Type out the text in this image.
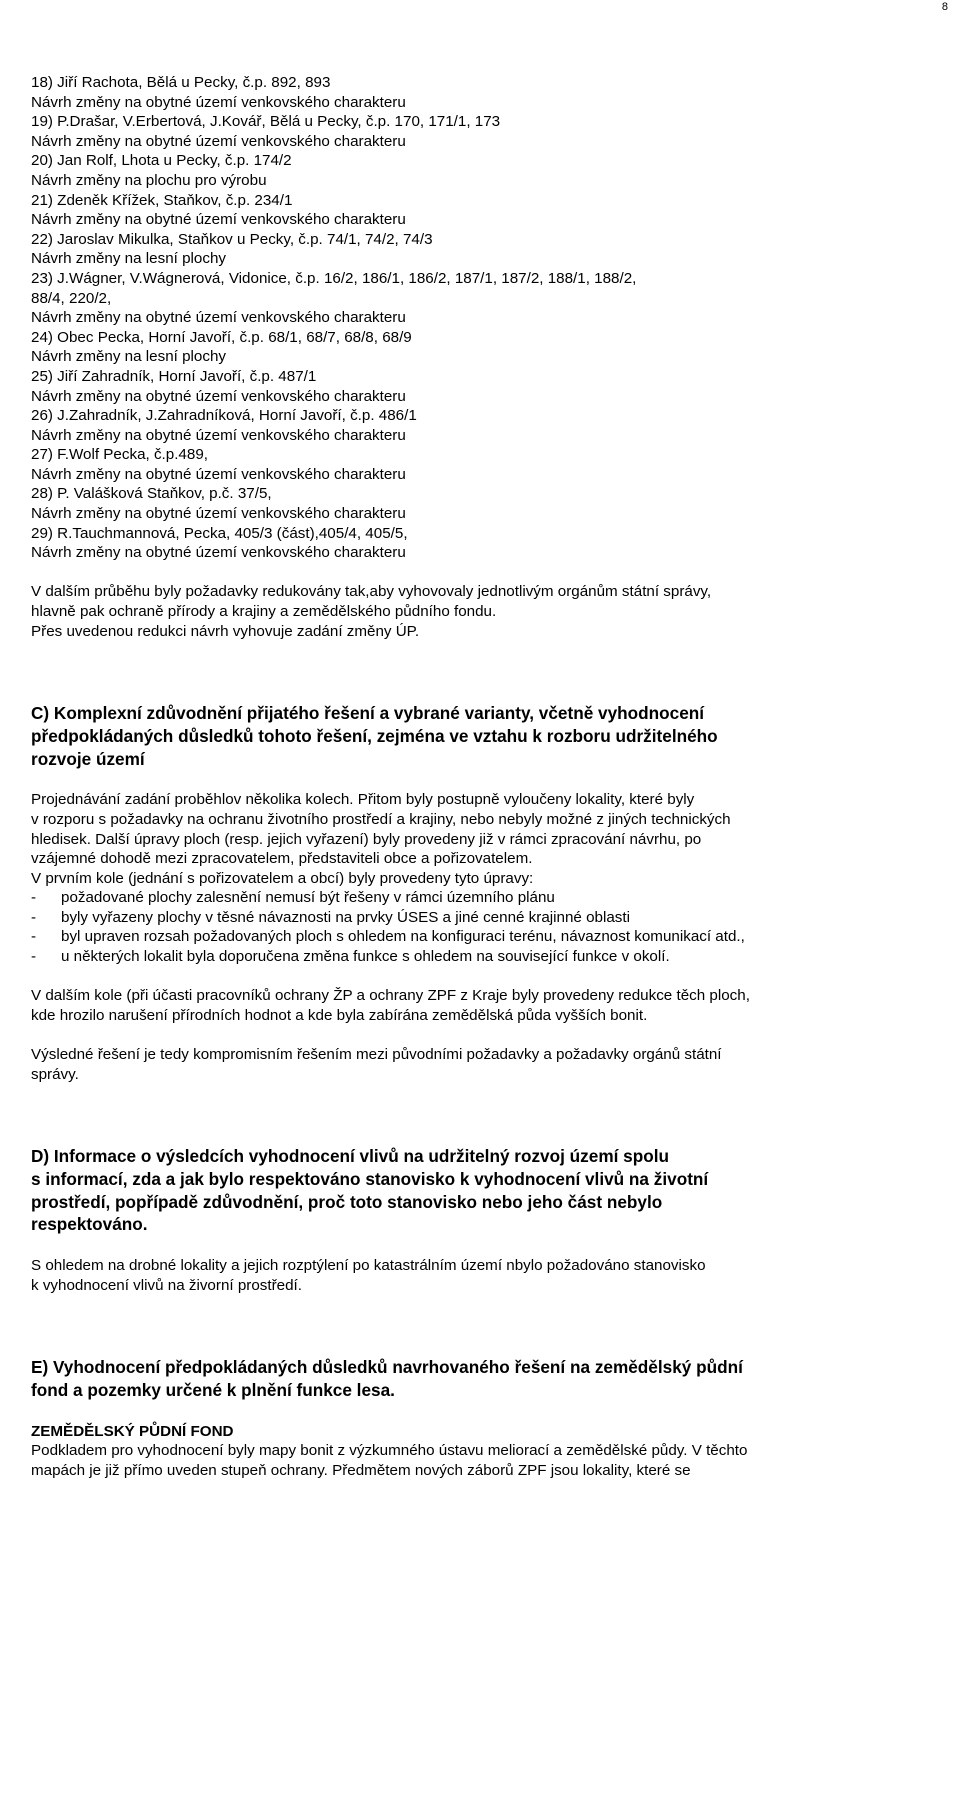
8
18) Jiří Rachota, Bělá u Pecky, č.p. 892, 893
Návrh změny na obytné území venkovského charakteru
19) P.Drašar, V.Erbertová, J.Kovář, Bělá u Pecky, č.p. 170, 171/1, 173
Návrh změny na obytné území venkovského charakteru
20) Jan Rolf, Lhota u Pecky, č.p. 174/2
Návrh změny na plochu pro výrobu
21) Zdeněk Křížek, Staňkov, č.p. 234/1
Návrh změny na obytné území venkovského charakteru
22) Jaroslav Mikulka, Staňkov u Pecky, č.p. 74/1, 74/2, 74/3
Návrh změny na lesní plochy
23) J.Wágner, V.Wágnerová, Vidonice, č.p. 16/2, 186/1, 186/2, 187/1, 187/2, 188/1, 188/2,
88/4, 220/2,
Návrh změny na obytné území venkovského charakteru
24) Obec Pecka, Horní Javoří, č.p. 68/1, 68/7, 68/8, 68/9
Návrh změny na lesní plochy
25) Jiří Zahradník, Horní Javoří, č.p. 487/1
Návrh změny na obytné území venkovského charakteru
26) J.Zahradník, J.Zahradníková, Horní Javoří, č.p. 486/1
Návrh změny na obytné území venkovského charakteru
27) F.Wolf Pecka, č.p.489,
Návrh změny na obytné území venkovského charakteru
28) P. Valášková Staňkov, p.č. 37/5,
Návrh změny na obytné území venkovského charakteru
29) R.Tauchmannová, Pecka, 405/3 (část),405/4, 405/5,
Návrh změny na obytné území venkovského charakteru
V dalším průběhu byly požadavky redukovány tak,aby vyhovovaly jednotlivým orgánům státní správy,
hlavně pak ochraně přírody a krajiny a zemědělského půdního fondu.
Přes uvedenou redukci návrh vyhovuje zadání změny ÚP.
C) Komplexní zdůvodnění přijatého řešení a vybrané varianty, včetně vyhodnocení
předpokládaných důsledků tohoto řešení, zejména ve vztahu k rozboru udržitelného
rozvoje území
Projednávání zadání proběhlov několika kolech. Přitom byly postupně vyloučeny lokality, které byly
v rozporu s požadavky na ochranu životního prostředí a krajiny, nebo nebyly možné z jiných technických
hledisek. Další úpravy ploch (resp. jejich vyřazení) byly provedeny již v rámci zpracování návrhu, po
vzájemné dohodě mezi zpracovatelem, představiteli obce a pořizovatelem.
V prvním kole (jednání s pořizovatelem a obcí) byly provedeny tyto úpravy:
- požadované plochy zalesnění nemusí být řešeny v rámci územního plánu
- byly vyřazeny plochy v těsné návaznosti na prvky ÚSES a jiné cenné krajinné oblasti
- byl upraven rozsah požadovaných ploch s ohledem na konfiguraci terénu, návaznost komunikací atd.,
- u některých lokalit byla doporučena změna funkce s ohledem na související funkce v okolí.
V dalším kole (při účasti pracovníků ochrany ŽP a ochrany ZPF z Kraje byly provedeny redukce těch ploch,
kde hrozilo narušení přírodních hodnot a kde byla zabírána zemědělská půda vyšších bonit.
Výsledné řešení je tedy kompromisním řešením mezi původními požadavky a požadavky orgánů státní
správy.
D) Informace o výsledcích vyhodnocení vlivů na udržitelný rozvoj území spolu
s informací, zda a jak bylo respektováno stanovisko k vyhodnocení vlivů na životní
prostředí, popřípadě zdůvodnění, proč toto stanovisko nebo jeho část nebylo
respektováno.
S ohledem na drobné lokality a jejich rozptýlení po katastrálním území nbylo požadováno stanovisko
k vyhodnocení vlivů na živorní prostředí.
E) Vyhodnocení předpokládaných důsledků navrhovaného řešení na zemědělský půdní
fond a pozemky určené k plnění funkce lesa.
ZEMĚDĚLSKÝ PŮDNÍ FOND
Podkladem pro vyhodnocení byly mapy bonit z výzkumného ústavu meliorací a zemědělské půdy. V těchto
mapách je již přímo uveden stupeň ochrany. Předmětem nových záborů ZPF jsou lokality, které se
